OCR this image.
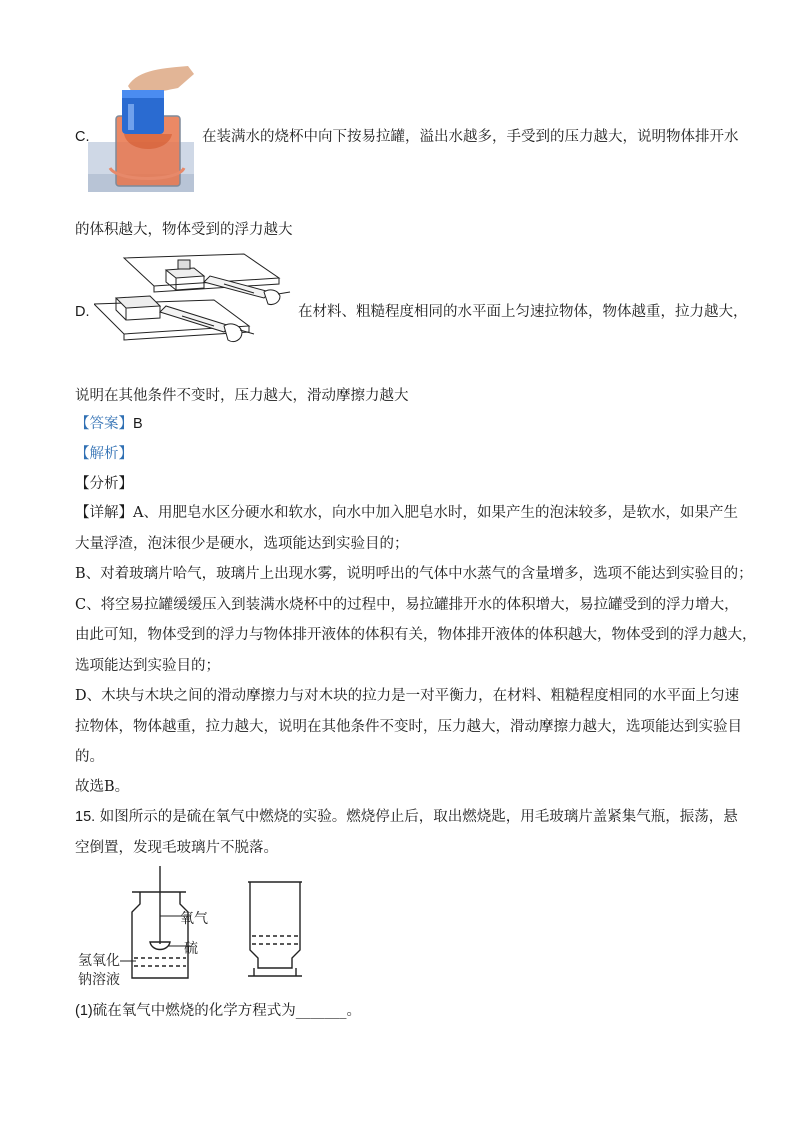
C.	在装满水的烧杯中向下按易拉罐，溢出水越多，手受到的压力越大，说明物体排开水
的体积越大，物体受到的浮力越大
D.	在材料、粗糙程度相同的水平面上匀速拉物体，物体越重，拉力越大，
说明在其他条件不变时，压力越大，滑动摩擦力越大
【答案】B
【解析】
【分析】
【详解】A、用肥皂水区分硬水和软水，向水中加入肥皂水时，如果产生的泡沫较多，是软水，如果产生
大量浮渣，泡沫很少是硬水，选项能达到实验目的；
B、对着玻璃片哈气，玻璃片上出现水雾，说明呼出的气体中水蒸气的含量增多，选项不能达到实验目的；
C、将空易拉罐缓缓压入到装满水烧杯中的过程中，易拉罐排开水的体积增大，易拉罐受到的浮力增大，
由此可知，物体受到的浮力与物体排开液体的体积有关，物体排开液体的体积越大，物体受到的浮力越大，
选项能达到实验目的；
D、木块与木块之间的滑动摩擦力与对木块的拉力是一对平衡力，在材料、粗糙程度相同的水平面上匀速
拉物体，物体越重，拉力越大，说明在其他条件不变时，压力越大，滑动摩擦力越大，选项能达到实验目
的。
故选B。
15. 如图所示的是硫在氧气中燃烧的实验。燃烧停止后，取出燃烧匙，用毛玻璃片盖紧集气瓶，振荡，悬
空倒置，发现毛玻璃片不脱落。
氧气
硫
氢氧化
钠溶液
(1)硫在氧气中燃烧的化学方程式为_______。
